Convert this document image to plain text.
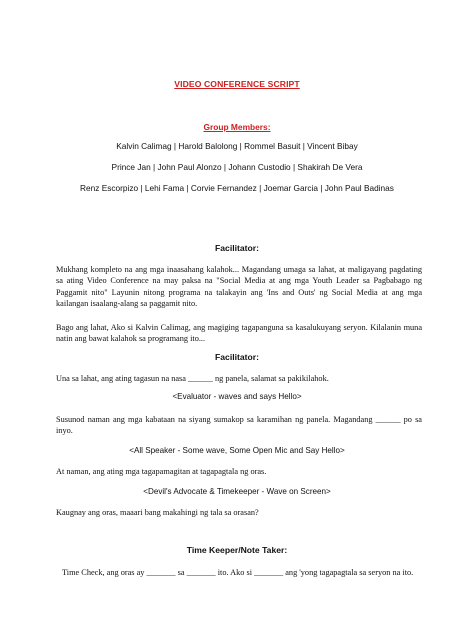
VIDEO CONFERENCE SCRIPT
Group Members:
Kalvin Calimag | Harold Balolong | Rommel Basuit | Vincent Bibay
Prince Jan | John Paul Alonzo | Johann Custodio | Shakirah De Vera
Renz Escorpizo | Lehi Fama | Corvie Fernandez | Joemar Garcia | John Paul Badinas
Facilitator:
Mukhang kompleto na ang mga inaasahang kalahok... Magandang umaga sa lahat, at maligayang pagdating sa ating Video Conference na may paksa na "Social Media at ang mga Youth Leader sa Pagbabago ng Paggamit nito" Layunin nitong programa na talakayin ang 'Ins and Outs' ng Social Media at ang mga kailangan isaalang-alang sa paggamit nito.
Bago ang lahat, Ako si Kalvin Calimag, ang magiging tagapanguna sa kasalukuyang seryon. Kilalanin muna natin ang bawat kalahok sa programang ito...
Facilitator:
Una sa lahat, ang ating tagasun na nasa ______ ng panela, salamat sa pakikilahok.
<Evaluator - waves and says Hello>
Susunod naman ang mga kabataan na siyang sumakop sa karamihan ng panela. Magandang ______ po sa inyo.
<All Speaker - Some wave, Some Open Mic and Say Hello>
At naman, ang ating mga tagapamagitan at tagapagtala ng oras.
<Devil's Advocate & Timekeeper - Wave on Screen>
Kaugnay ang oras, maaari bang makahingi ng tala sa orasan?
Time Keeper/Note Taker:
Time Check, ang oras ay _______ sa _______ ito. Ako si _______ ang 'yong tagapagtala sa seryon na ito.
